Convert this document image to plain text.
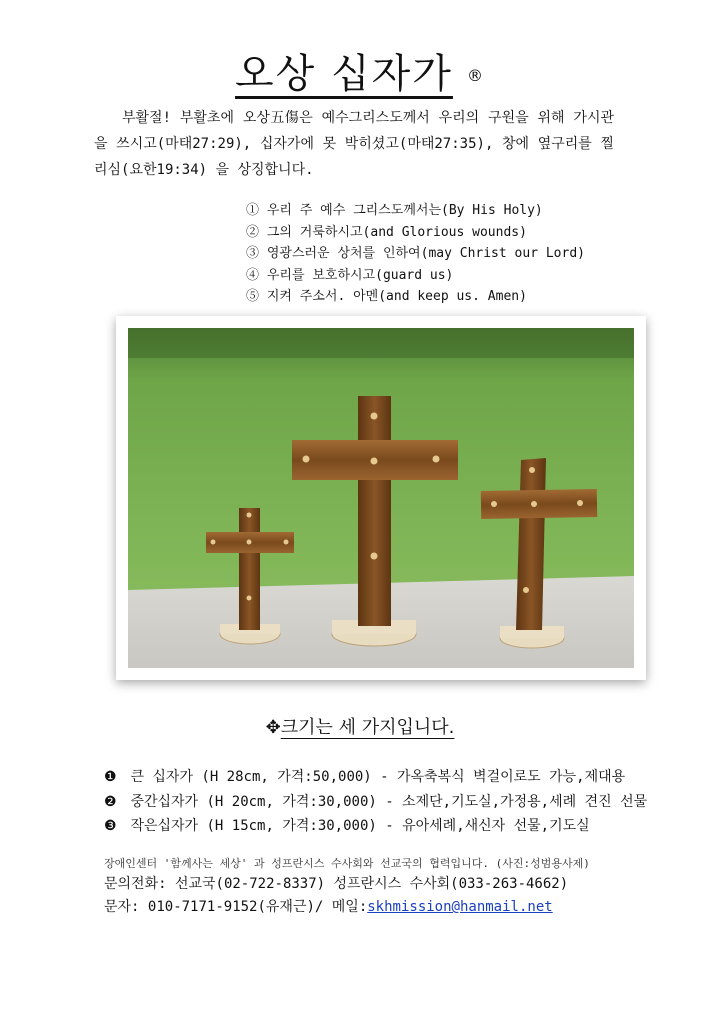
오상 십자가 ®
부활절! 부활초에 오상五傷은 예수그리스도께서 우리의 구원을 위해 가시관을 쓰시고(마태27:29), 십자가에 못 박히셨고(마태27:35), 창에 옆구리를 찔리심(요한19:34) 을 상징합니다.
① 우리 주 예수 그리스도께서는(By His Holy)
② 그의 거룩하시고(and Glorious wounds)
③ 영광스러운 상처를 인하여(may Christ our Lord)
④ 우리를 보호하시고(guard us)
⑤ 지켜 주소서. 아멘(and keep us. Amen)
✥크기는 세 가지입니다.
❶ 큰 십자가 (H 28cm, 가격:50,000) - 가옥축복식 벽걸이로도 가능,제대용
❷ 중간십자가 (H 20cm, 가격:30,000) - 소제단,기도실,가정용,세례 견진 선물
❸ 작은십자가 (H 15cm, 가격:30,000) - 유아세례,새신자 선물,기도실
장애인센터 '함께사는 세상' 과 성프란시스 수사회와 선교국의 협력입니다. (사진:성범용사제)
문의전화: 선교국(02-722-8337) 성프란시스 수사회(033-263-4662)
문자: 010-7171-9152(유재근)/ 메일:skhmission@hanmail.net
